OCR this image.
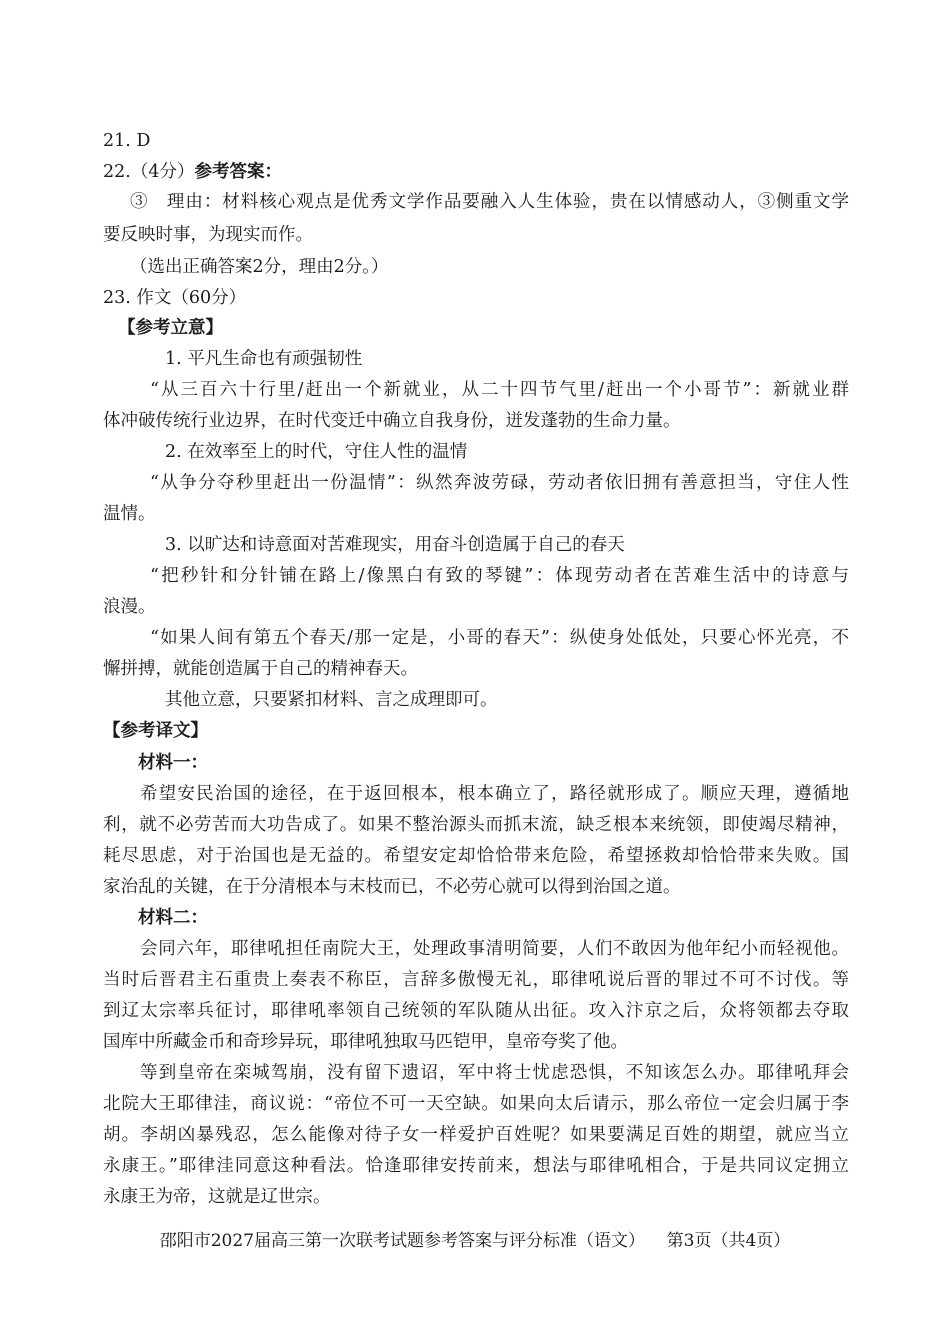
21. D
22.（4分）参考答案：
③　理由：材料核心观点是优秀文学作品要融入人生体验，贵在以情感动人，③侧重文学
要反映时事，为现实而作。
（选出正确答案2分，理由2分。）
23. 作文（60分）
【参考立意】
1. 平凡生命也有顽强韧性
“从三百六十行里/赶出一个新就业，从二十四节气里/赶出一个小哥节”：新就业群
体冲破传统行业边界，在时代变迁中确立自我身份，迸发蓬勃的生命力量。
2. 在效率至上的时代，守住人性的温情
“从争分夺秒里赶出一份温情”：纵然奔波劳碌，劳动者依旧拥有善意担当，守住人性
温情。
3. 以旷达和诗意面对苦难现实，用奋斗创造属于自己的春天
“把秒针和分针铺在路上/像黑白有致的琴键”：体现劳动者在苦难生活中的诗意与
浪漫。
“如果人间有第五个春天/那一定是，小哥的春天”：纵使身处低处，只要心怀光亮，不
懈拼搏，就能创造属于自己的精神春天。
其他立意，只要紧扣材料、言之成理即可。
【参考译文】
材料一：
希望安民治国的途径，在于返回根本，根本确立了，路径就形成了。顺应天理，遵循地
利，就不必劳苦而大功告成了。如果不整治源头而抓末流，缺乏根本来统领，即使竭尽精神，
耗尽思虑，对于治国也是无益的。希望安定却恰恰带来危险，希望拯救却恰恰带来失败。国
家治乱的关键，在于分清根本与末枝而已，不必劳心就可以得到治国之道。
材料二：
会同六年，耶律吼担任南院大王，处理政事清明简要，人们不敢因为他年纪小而轻视他。
当时后晋君主石重贵上奏表不称臣，言辞多傲慢无礼，耶律吼说后晋的罪过不可不讨伐。等
到辽太宗率兵征讨，耶律吼率领自己统领的军队随从出征。攻入汴京之后，众将领都去夺取
国库中所藏金币和奇珍异玩，耶律吼独取马匹铠甲，皇帝夸奖了他。
等到皇帝在栾城驾崩，没有留下遗诏，军中将士忧虑恐惧，不知该怎么办。耶律吼拜会
北院大王耶律洼，商议说：“帝位不可一天空缺。如果向太后请示，那么帝位一定会归属于李
胡。李胡凶暴残忍，怎么能像对待子女一样爱护百姓呢？如果要满足百姓的期望，就应当立
永康王。”耶律洼同意这种看法。恰逢耶律安抟前来，想法与耶律吼相合，于是共同议定拥立
永康王为帝，这就是辽世宗。
邵阳市2027届高三第一次联考试题参考答案与评分标准（语文） 第3页（共4页）
